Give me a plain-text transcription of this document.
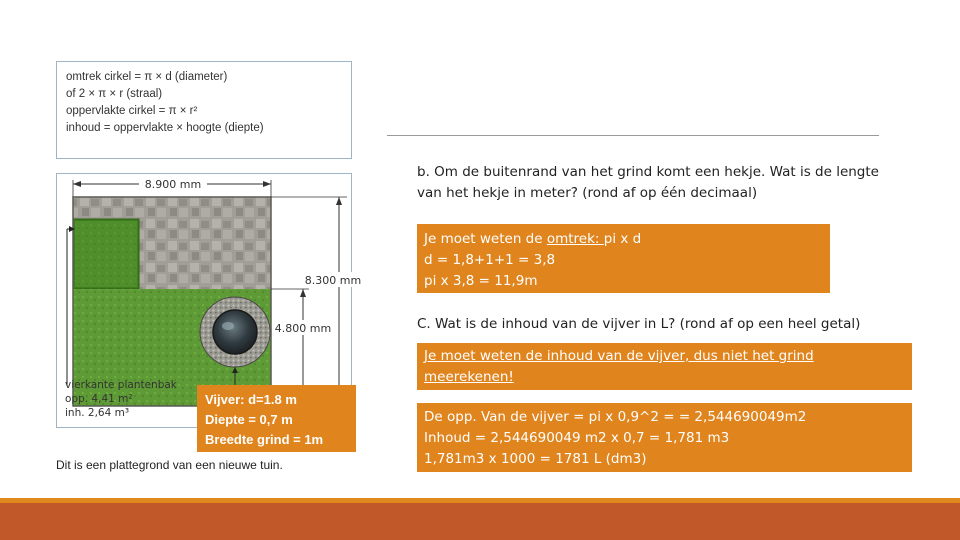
omtrek cirkel = π × d (diameter)
of 2 × π × r (straal)
oppervlakte cirkel = π × r²
inhoud = oppervlakte × hoogte (diepte)
8.900 mm
8.300 mm
4.800 mm
vierkante plantenbak
opp. 4,41 m²
inh. 2,64 m³
Vijver: d=1.8 m
Diepte = 0,7 m
Breedte grind = 1m
Dit is een plattegrond van een nieuwe tuin.
b. Om de buitenrand van het grind komt een hekje. Wat is de lengte
van het hekje in meter? (rond af op één decimaal)
Je moet weten de omtrek: pi x d
d = 1,8+1+1 = 3,8
pi x 3,8 = 11,9m
C. Wat is de inhoud van de vijver in L? (rond af op een heel getal)
Je moet weten de inhoud van de vijver, dus niet het grind
meerekenen!
De opp. Van de vijver = pi x 0,9^2 = = 2,544690049m2
Inhoud = 2,544690049 m2 x 0,7 = 1,781 m3
1,781m3 x 1000 = 1781 L (dm3)
